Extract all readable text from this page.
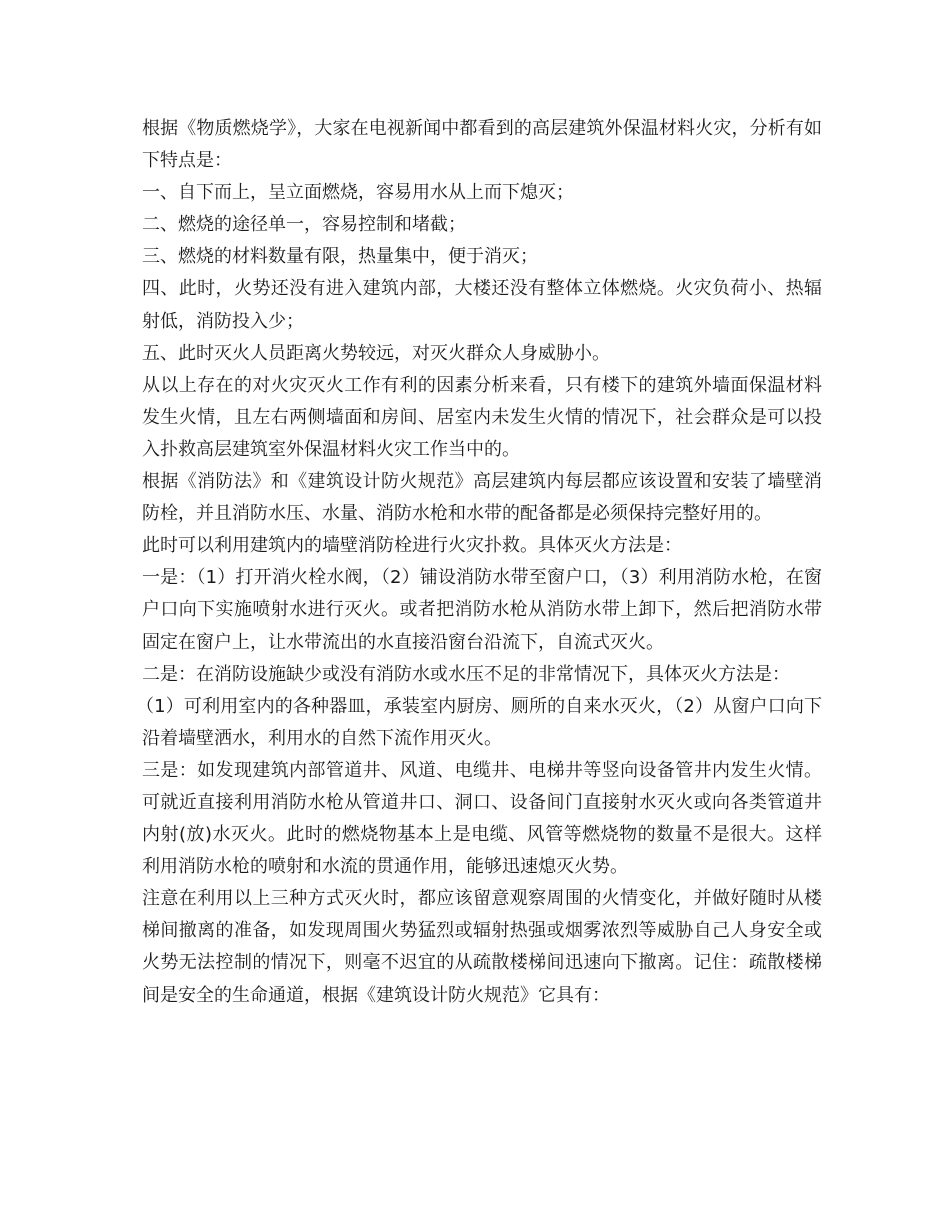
根据《物质燃烧学》，大家在电视新闻中都看到的高层建筑外保温材料火灾，分析有如下特点是：

一、自下而上，呈立面燃烧，容易用水从上而下熄灭；

二、燃烧的途径单一，容易控制和堵截；

三、燃烧的材料数量有限，热量集中，便于消灭；

四、此时，火势还没有进入建筑内部，大楼还没有整体立体燃烧。火灾负荷小、热辐射低，消防投入少；

五、此时灭火人员距离火势较远，对灭火群众人身威胁小。

从以上存在的对火灾灭火工作有利的因素分析来看，只有楼下的建筑外墙面保温材料发生火情，且左右两侧墙面和房间、居室内未发生火情的情况下，社会群众是可以投入扑救高层建筑室外保温材料火灾工作当中的。

根据《消防法》和《建筑设计防火规范》高层建筑内每层都应该设置和安装了墙壁消防栓，并且消防水压、水量、消防水枪和水带的配备都是必须保持完整好用的。

此时可以利用建筑内的墙壁消防栓进行火灾扑救。具体灭火方法是：

一是：（1）打开消火栓水阀，（2）铺设消防水带至窗户口，（3）利用消防水枪，在窗户口向下实施喷射水进行灭火。或者把消防水枪从消防水带上卸下，然后把消防水带固定在窗户上，让水带流出的水直接沿窗台沿流下，自流式灭火。

二是：在消防设施缺少或没有消防水或水压不足的非常情况下，具体灭火方法是：

（1）可利用室内的各种器皿，承装室内厨房、厕所的自来水灭火，（2）从窗户口向下沿着墙壁洒水，利用水的自然下流作用灭火。

三是：如发现建筑内部管道井、风道、电缆井、电梯井等竖向设备管井内发生火情。可就近直接利用消防水枪从管道井口、洞口、设备间门直接射水灭火或向各类管道井内射(放)水灭火。此时的燃烧物基本上是电缆、风管等燃烧物的数量不是很大。这样利用消防水枪的喷射和水流的贯通作用，能够迅速熄灭火势。

注意在利用以上三种方式灭火时，都应该留意观察周围的火情变化，并做好随时从楼梯间撤离的准备，如发现周围火势猛烈或辐射热强或烟雾浓烈等威胁自己人身安全或火势无法控制的情况下，则毫不迟宜的从疏散楼梯间迅速向下撤离。记住：疏散楼梯间是安全的生命通道，根据《建筑设计防火规范》它具有：
